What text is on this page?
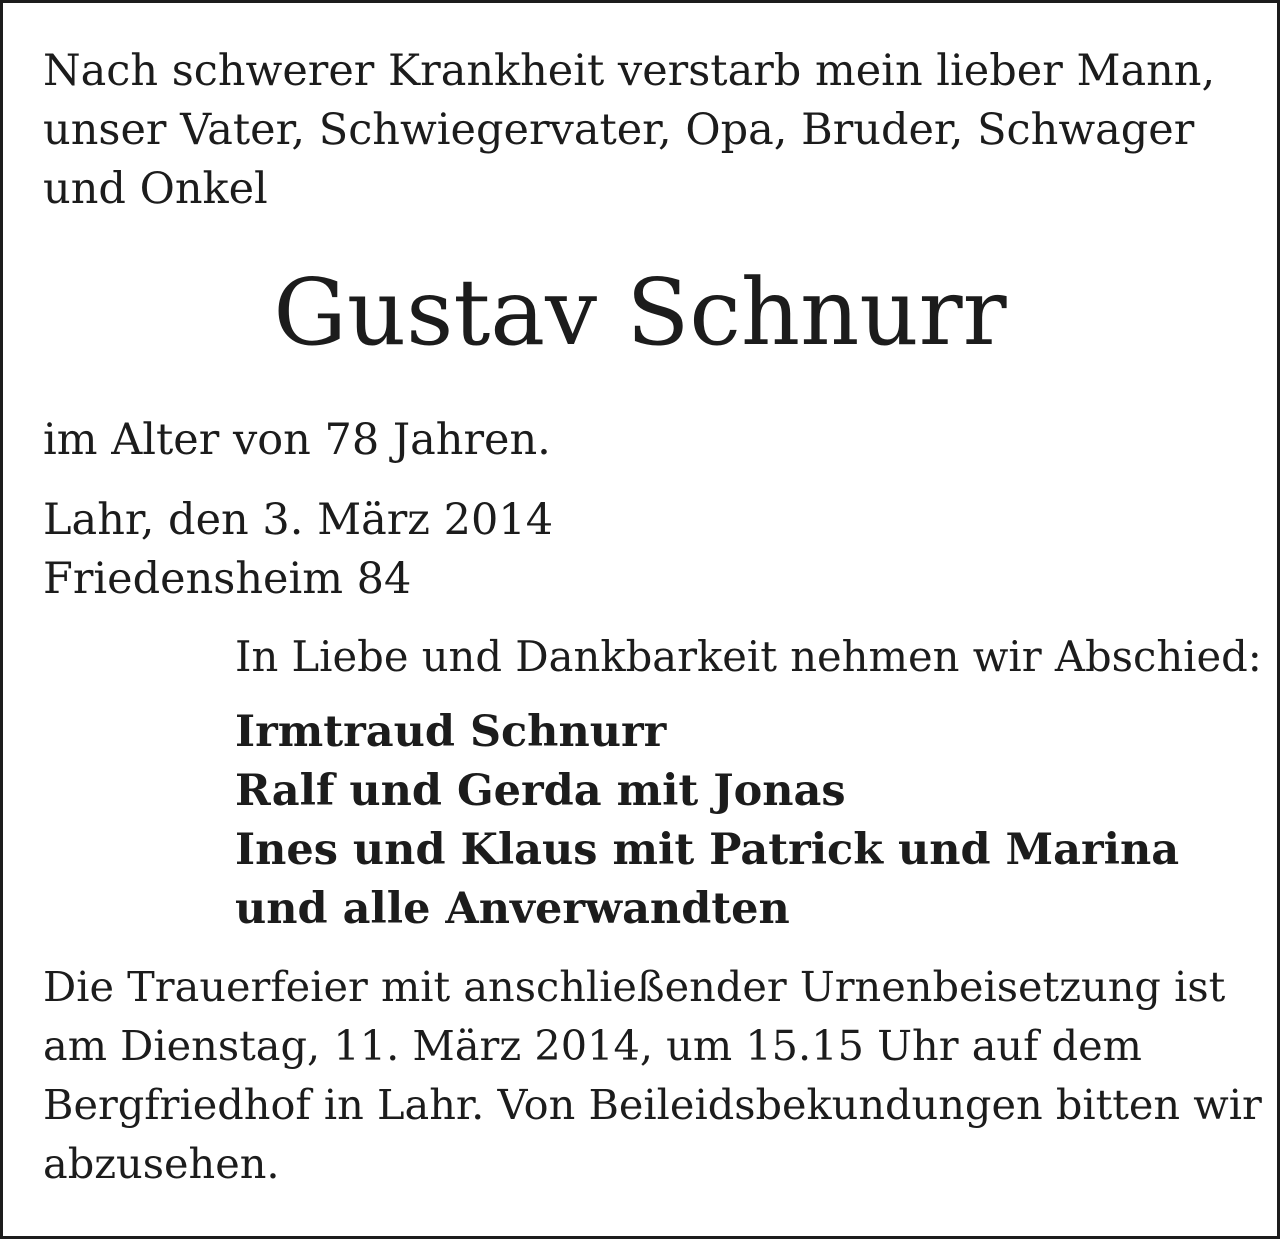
Nach schwerer Krankheit verstarb mein lieber Mann,
unser Vater, Schwiegervater, Opa, Bruder, Schwager
und Onkel

Gustav Schnurr

im Alter von 78 Jahren.

Lahr, den 3. März 2014
Friedensheim 84

In Liebe und Dankbarkeit nehmen wir Abschied:

Irmtraud Schnurr
Ralf und Gerda mit Jonas
Ines und Klaus mit Patrick und Marina
und alle Anverwandten

Die Trauerfeier mit anschließender Urnenbeisetzung ist
am Dienstag, 11. März 2014, um 15.15 Uhr auf dem
Bergfriedhof in Lahr. Von Beileidsbekundungen bitten wir
abzusehen.
